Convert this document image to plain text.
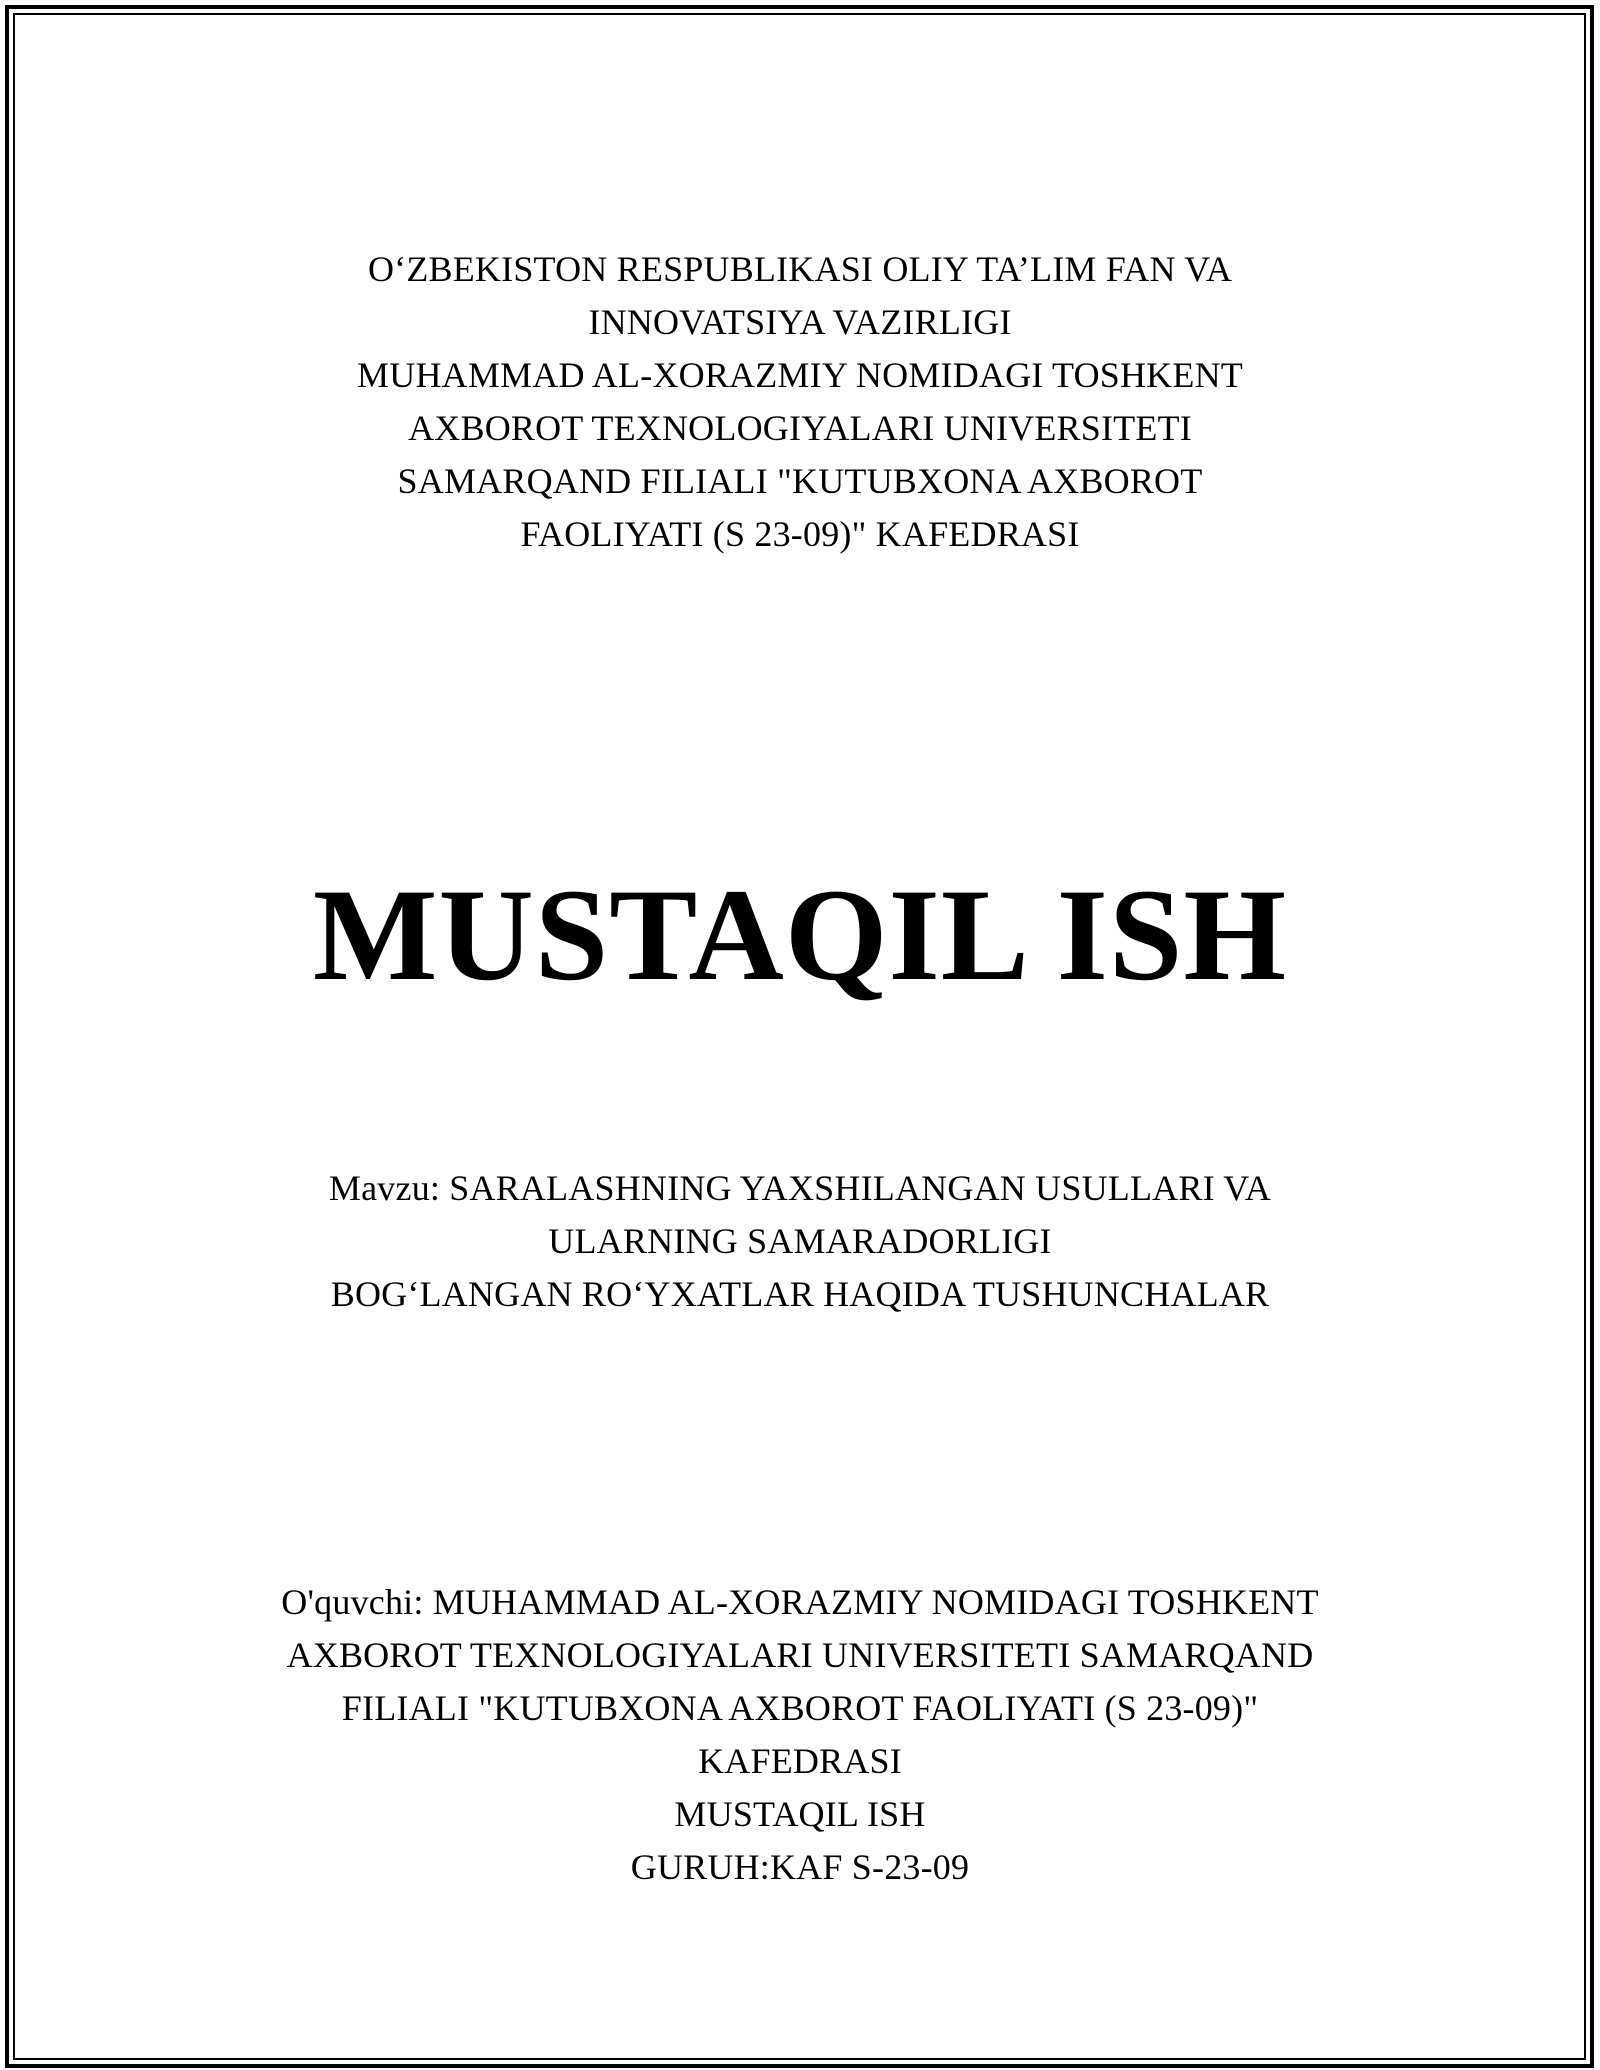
O‘ZBEKISTON RESPUBLIKASI OLIY TA’LIM FAN VA
INNOVATSIYA VAZIRLIGI
MUHAMMAD AL-XORAZMIY NOMIDAGI TOSHKENT
AXBOROT TEXNOLOGIYALARI UNIVERSITETI
SAMARQAND FILIALI "KUTUBXONA AXBOROT
FAOLIYATI (S 23-09)" KAFEDRASI
MUSTAQIL ISH
Mavzu: SARALASHNING YAXSHILANGAN USULLARI VA
ULARNING SAMARADORLIGI
BOG‘LANGAN RO‘YXATLAR HAQIDA TUSHUNCHALAR
O'quvchi: MUHAMMAD AL-XORAZMIY NOMIDAGI TOSHKENT
AXBOROT TEXNOLOGIYALARI UNIVERSITETI SAMARQAND
FILIALI "KUTUBXONA AXBOROT FAOLIYATI (S 23-09)"
KAFEDRASI
MUSTAQIL ISH
GURUH:KAF S-23-09
